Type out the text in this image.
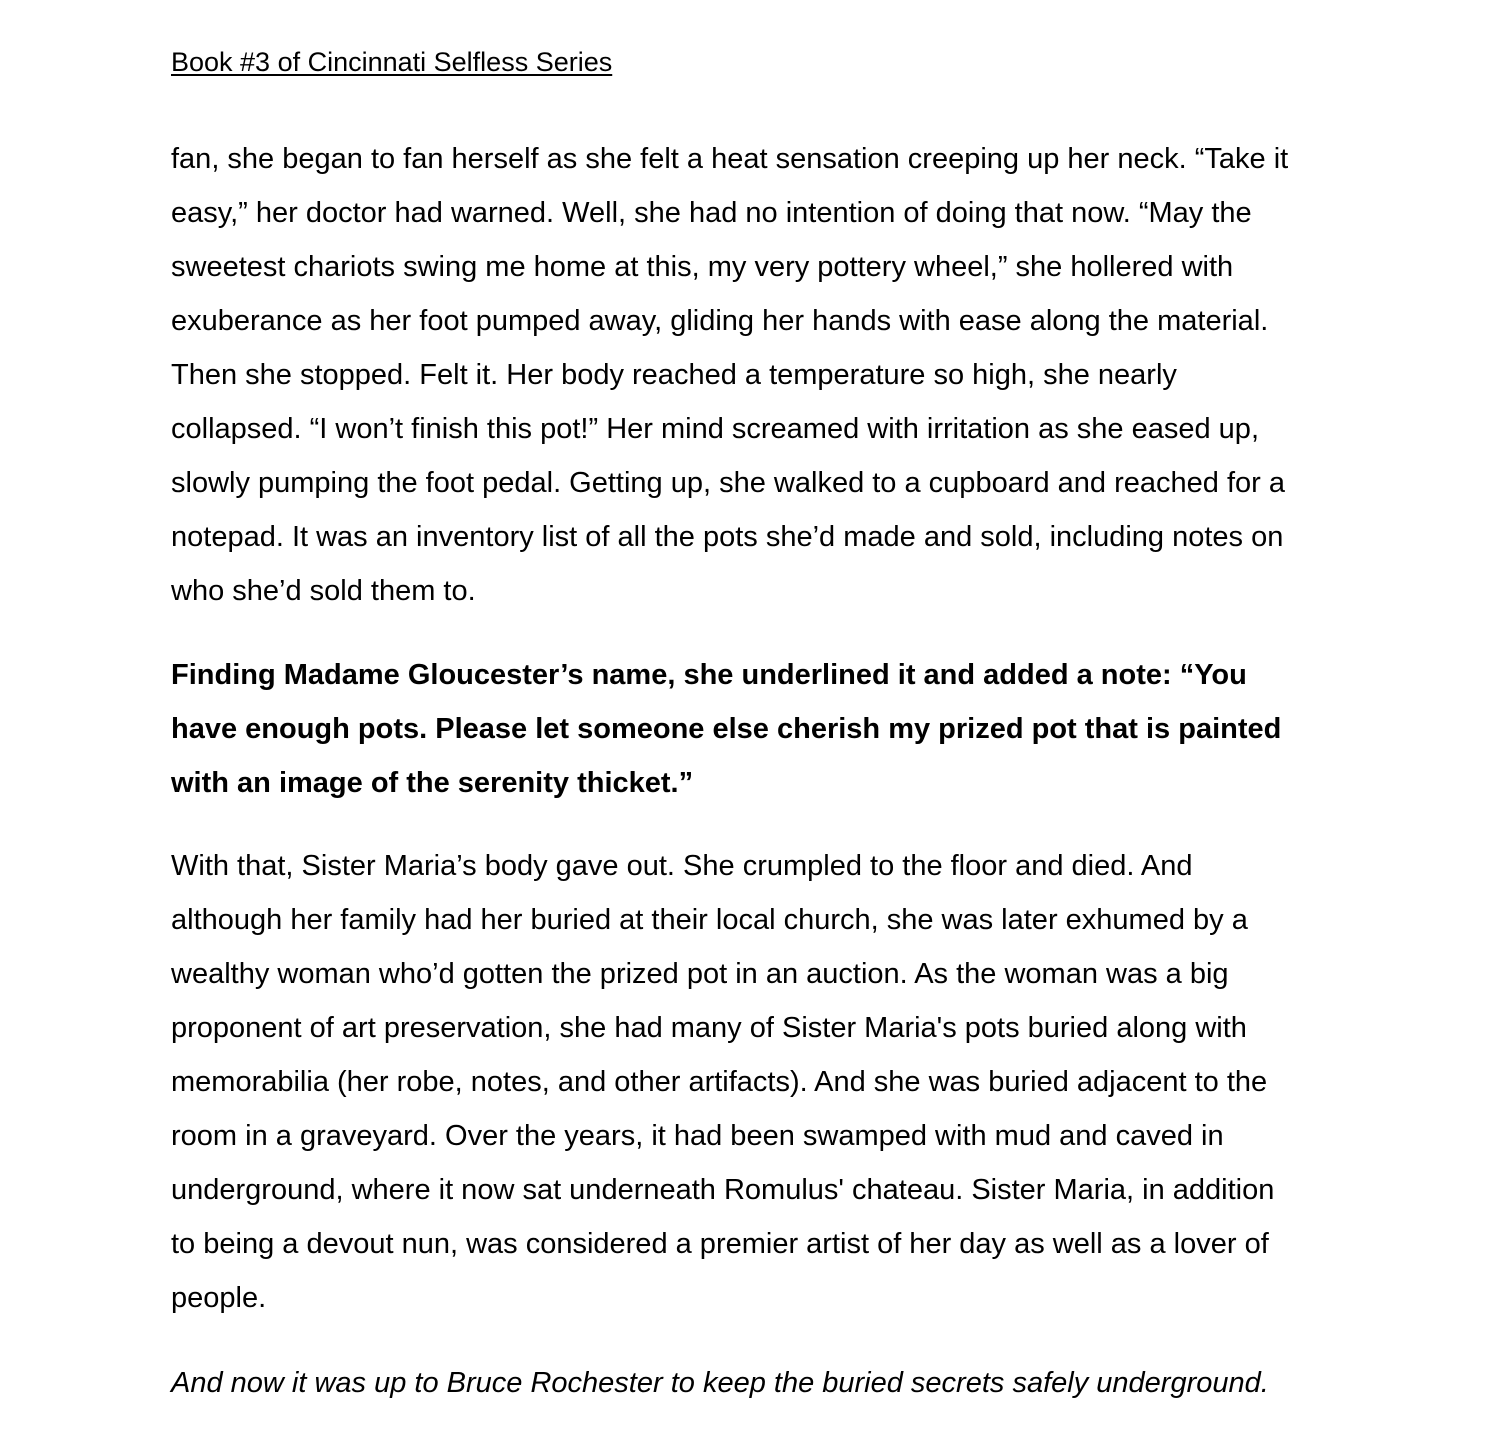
Book #3 of Cincinnati Selfless Series

fan, she began to fan herself as she felt a heat sensation creeping up her neck. “Take it
easy,” her doctor had warned. Well, she had no intention of doing that now. “May the
sweetest chariots swing me home at this, my very pottery wheel,” she hollered with
exuberance as her foot pumped away, gliding her hands with ease along the material.
Then she stopped. Felt it. Her body reached a temperature so high, she nearly
collapsed. “I won’t finish this pot!” Her mind screamed with irritation as she eased up,
slowly pumping the foot pedal. Getting up, she walked to a cupboard and reached for a
notepad. It was an inventory list of all the pots she’d made and sold, including notes on
who she’d sold them to.

Finding Madame Gloucester’s name, she underlined it and added a note: “You
have enough pots. Please let someone else cherish my prized pot that is painted
with an image of the serenity thicket.”

With that, Sister Maria’s body gave out. She crumpled to the floor and died. And
although her family had her buried at their local church, she was later exhumed by a
wealthy woman who’d gotten the prized pot in an auction. As the woman was a big
proponent of art preservation, she had many of Sister Maria's pots buried along with
memorabilia (her robe, notes, and other artifacts). And she was buried adjacent to the
room in a graveyard. Over the years, it had been swamped with mud and caved in
underground, where it now sat underneath Romulus' chateau. Sister Maria, in addition
to being a devout nun, was considered a premier artist of her day as well as a lover of
people.

And now it was up to Bruce Rochester to keep the buried secrets safely underground.
